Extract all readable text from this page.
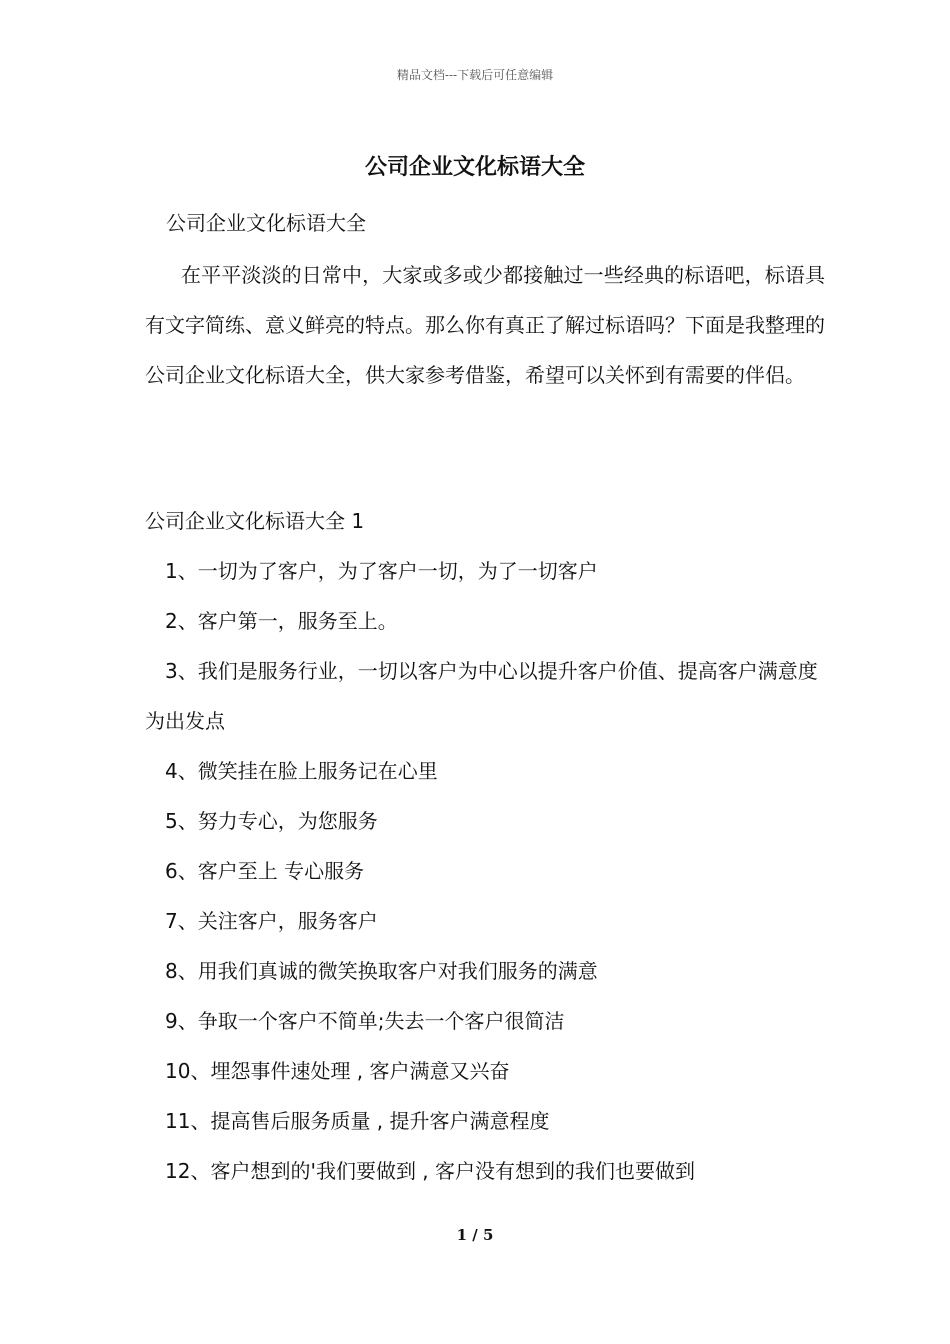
精品文档---下载后可任意编辑
公司企业文化标语大全
公司企业文化标语大全
在平平淡淡的日常中，大家或多或少都接触过一些经典的标语吧，标语具有文字简练、意义鲜亮的特点。那么你有真正了解过标语吗？下面是我整理的公司企业文化标语大全，供大家参考借鉴，希望可以关怀到有需要的伴侣。
公司企业文化标语大全 1
1、一切为了客户，为了客户一切，为了一切客户
2、客户第一，服务至上。
3、我们是服务行业，一切以客户为中心以提升客户价值、提高客户满意度为出发点
4、微笑挂在脸上服务记在心里
5、努力专心，为您服务
6、客户至上 专心服务
7、关注客户，服务客户
8、用我们真诚的微笑换取客户对我们服务的满意
9、争取一个客户不简单;失去一个客户很简洁
10、埋怨事件速处理 , 客户满意又兴奋
11、提高售后服务质量 , 提升客户满意程度
12、客户想到的'我们要做到 , 客户没有想到的我们也要做到
1 / 5
